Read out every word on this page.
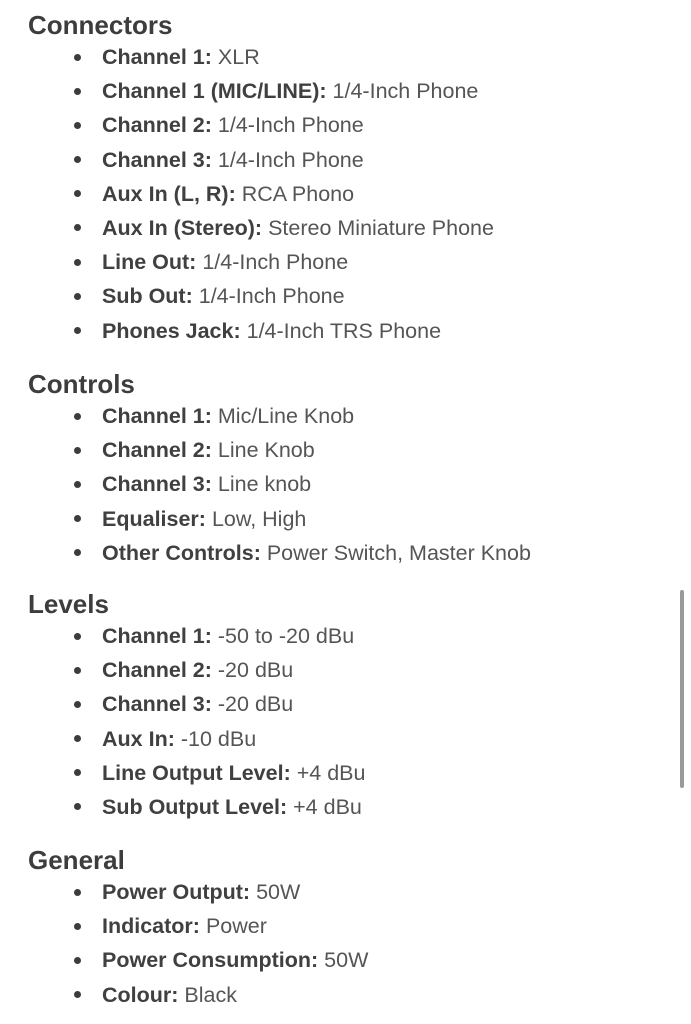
Connectors
Channel 1: XLR
Channel 1 (MIC/LINE): 1/4-Inch Phone
Channel 2: 1/4-Inch Phone
Channel 3: 1/4-Inch Phone
Aux In (L, R): RCA Phono
Aux In (Stereo): Stereo Miniature Phone
Line Out: 1/4-Inch Phone
Sub Out: 1/4-Inch Phone
Phones Jack: 1/4-Inch TRS Phone
Controls
Channel 1: Mic/Line Knob
Channel 2: Line Knob
Channel 3: Line knob
Equaliser: Low, High
Other Controls: Power Switch, Master Knob
Levels
Channel 1: -50 to -20 dBu
Channel 2: -20 dBu
Channel 3: -20 dBu
Aux In: -10 dBu
Line Output Level: +4 dBu
Sub Output Level: +4 dBu
General
Power Output: 50W
Indicator: Power
Power Consumption: 50W
Colour: Black
